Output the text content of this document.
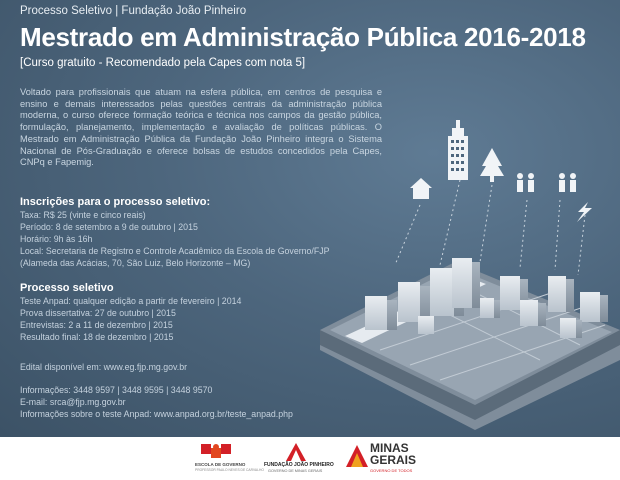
Processo Seletivo | Fundação João Pinheiro

Mestrado em Administração Pública 2016-2018

[Curso gratuito - Recomendado pela Capes com nota 5]

Voltado para profissionais que atuam na esfera pública, em centros de pesquisa e ensino e demais interessados pelas questões centrais da administração pública moderna, o curso oferece formação teórica e técnica nos campos da gestão pública, formulação, planejamento, implementação e avaliação de políticas públicas. O Mestrado em Administração Pública da Fundação João Pinheiro integra o Sistema Nacional de Pós-Graduação e oferece bolsas de estudos concedidos pela Capes, CNPq e Fapemig.

Inscrições para o processo seletivo:

Taxa: R$ 25 (vinte e cinco reais)

Período: 8 de setembro a 9 de outubro | 2015

Horário: 9h às 16h

Local: Secretaria de Registro e Controle Acadêmico da Escola de Governo/FJP

(Alameda das Acácias, 70, São Luiz, Belo Horizonte – MG)

Processo seletivo

Teste Anpad: qualquer edição a partir de fevereiro | 2014

Prova dissertativa: 27 de outubro | 2015

Entrevistas: 2 a 11 de dezembro | 2015

Resultado final: 18 de dezembro | 2015

Edital disponível em: www.eg.fjp.mg.gov.br

Informações: 3448 9597 | 3448 9595 | 3448 9570

E-mail: srca@fjp.mg.gov.br

Informações sobre o teste Anpad: www.anpad.org.br/teste_anpad.php

ESCOLA DE GOVERNO
PROFESSOR PAULO NEVES DE CARVALHO
FUNDAÇÃO JOÃO PINHEIRO
GOVERNO DE MINAS GERAIS
MINAS
GERAIS
GOVERNO DE TODOS
